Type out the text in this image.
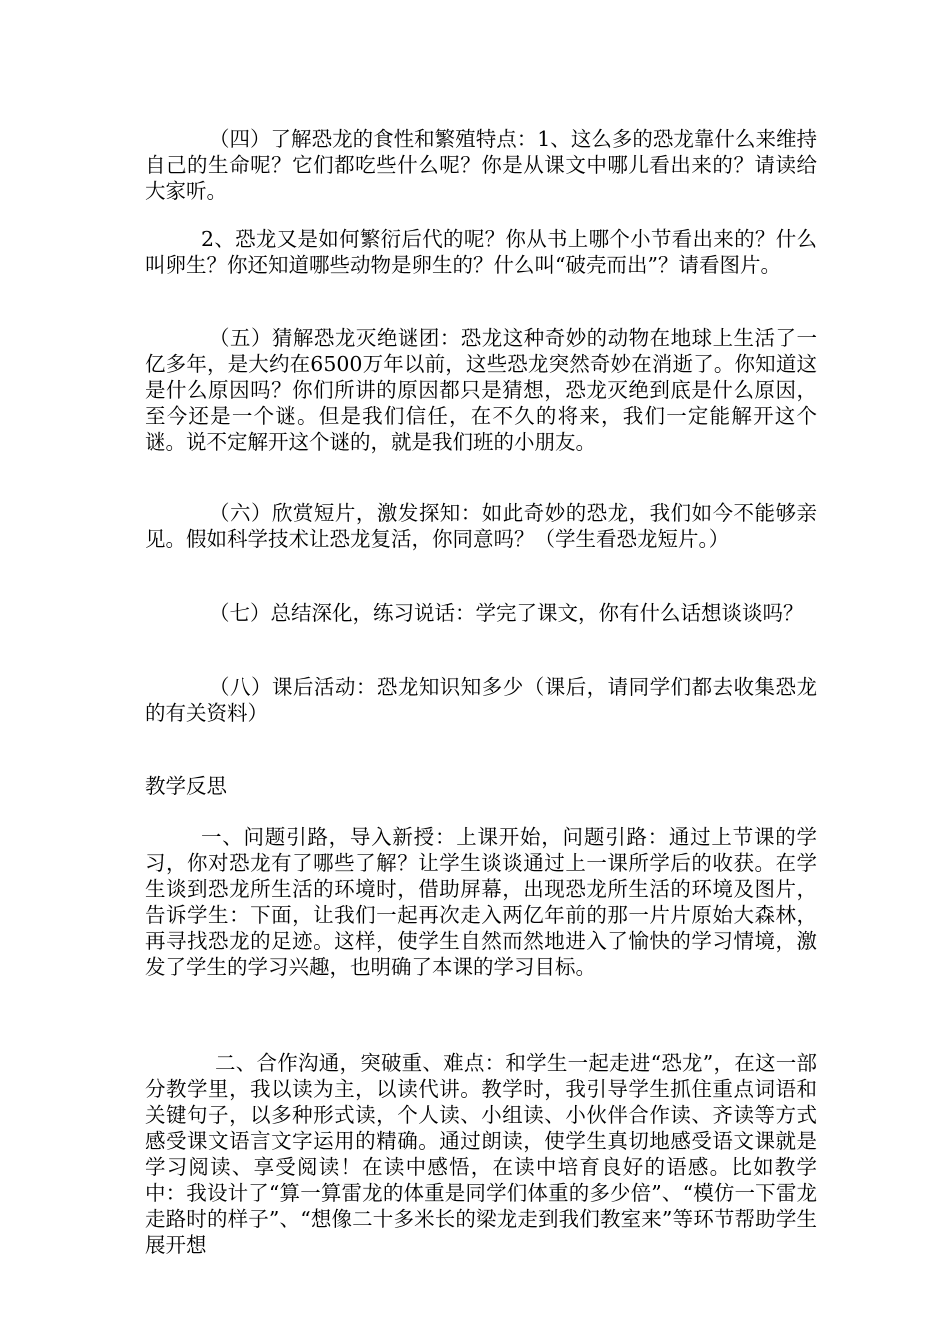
（四）了解恐龙的食性和繁殖特点：1、这么多的恐龙靠什么来维持自己的生命呢？它们都吃些什么呢？你是从课文中哪儿看出来的？请读给大家听。

2、恐龙又是如何繁衍后代的呢？你从书上哪个小节看出来的？什么叫卵生？你还知道哪些动物是卵生的？什么叫“破壳而出”？请看图片。

（五）猜解恐龙灭绝谜团：恐龙这种奇妙的动物在地球上生活了一亿多年，是大约在6500万年以前，这些恐龙突然奇妙在消逝了。你知道这是什么原因吗？你们所讲的原因都只是猜想，恐龙灭绝到底是什么原因，至今还是一个谜。但是我们信任，在不久的将来，我们一定能解开这个谜。说不定解开这个谜的，就是我们班的小朋友。

（六）欣赏短片，激发探知：如此奇妙的恐龙，我们如今不能够亲见。假如科学技术让恐龙复活，你同意吗？（学生看恐龙短片。）

（七）总结深化，练习说话：学完了课文，你有什么话想谈谈吗？

（八）课后活动：恐龙知识知多少（课后，请同学们都去收集恐龙的有关资料）

教学反思

一、问题引路，导入新授：上课开始，问题引路：通过上节课的学习，你对恐龙有了哪些了解？让学生谈谈通过上一课所学后的收获。在学生谈到恐龙所生活的环境时，借助屏幕，出现恐龙所生活的环境及图片，告诉学生：下面，让我们一起再次走入两亿年前的那一片片原始大森林，再寻找恐龙的足迹。这样，使学生自然而然地进入了愉快的学习情境，激发了学生的学习兴趣，也明确了本课的学习目标。

二、合作沟通，突破重、难点：和学生一起走进“恐龙”，在这一部分教学里，我以读为主，以读代讲。教学时，我引导学生抓住重点词语和关键句子，以多种形式读，个人读、小组读、小伙伴合作读、齐读等方式感受课文语言文字运用的精确。通过朗读，使学生真切地感受语文课就是学习阅读、享受阅读！在读中感悟，在读中培育良好的语感。比如教学中：我设计了“算一算雷龙的体重是同学们体重的多少倍”、“模仿一下雷龙走路时的样子”、“想像二十多米长的梁龙走到我们教室来”等环节帮助学生展开想
